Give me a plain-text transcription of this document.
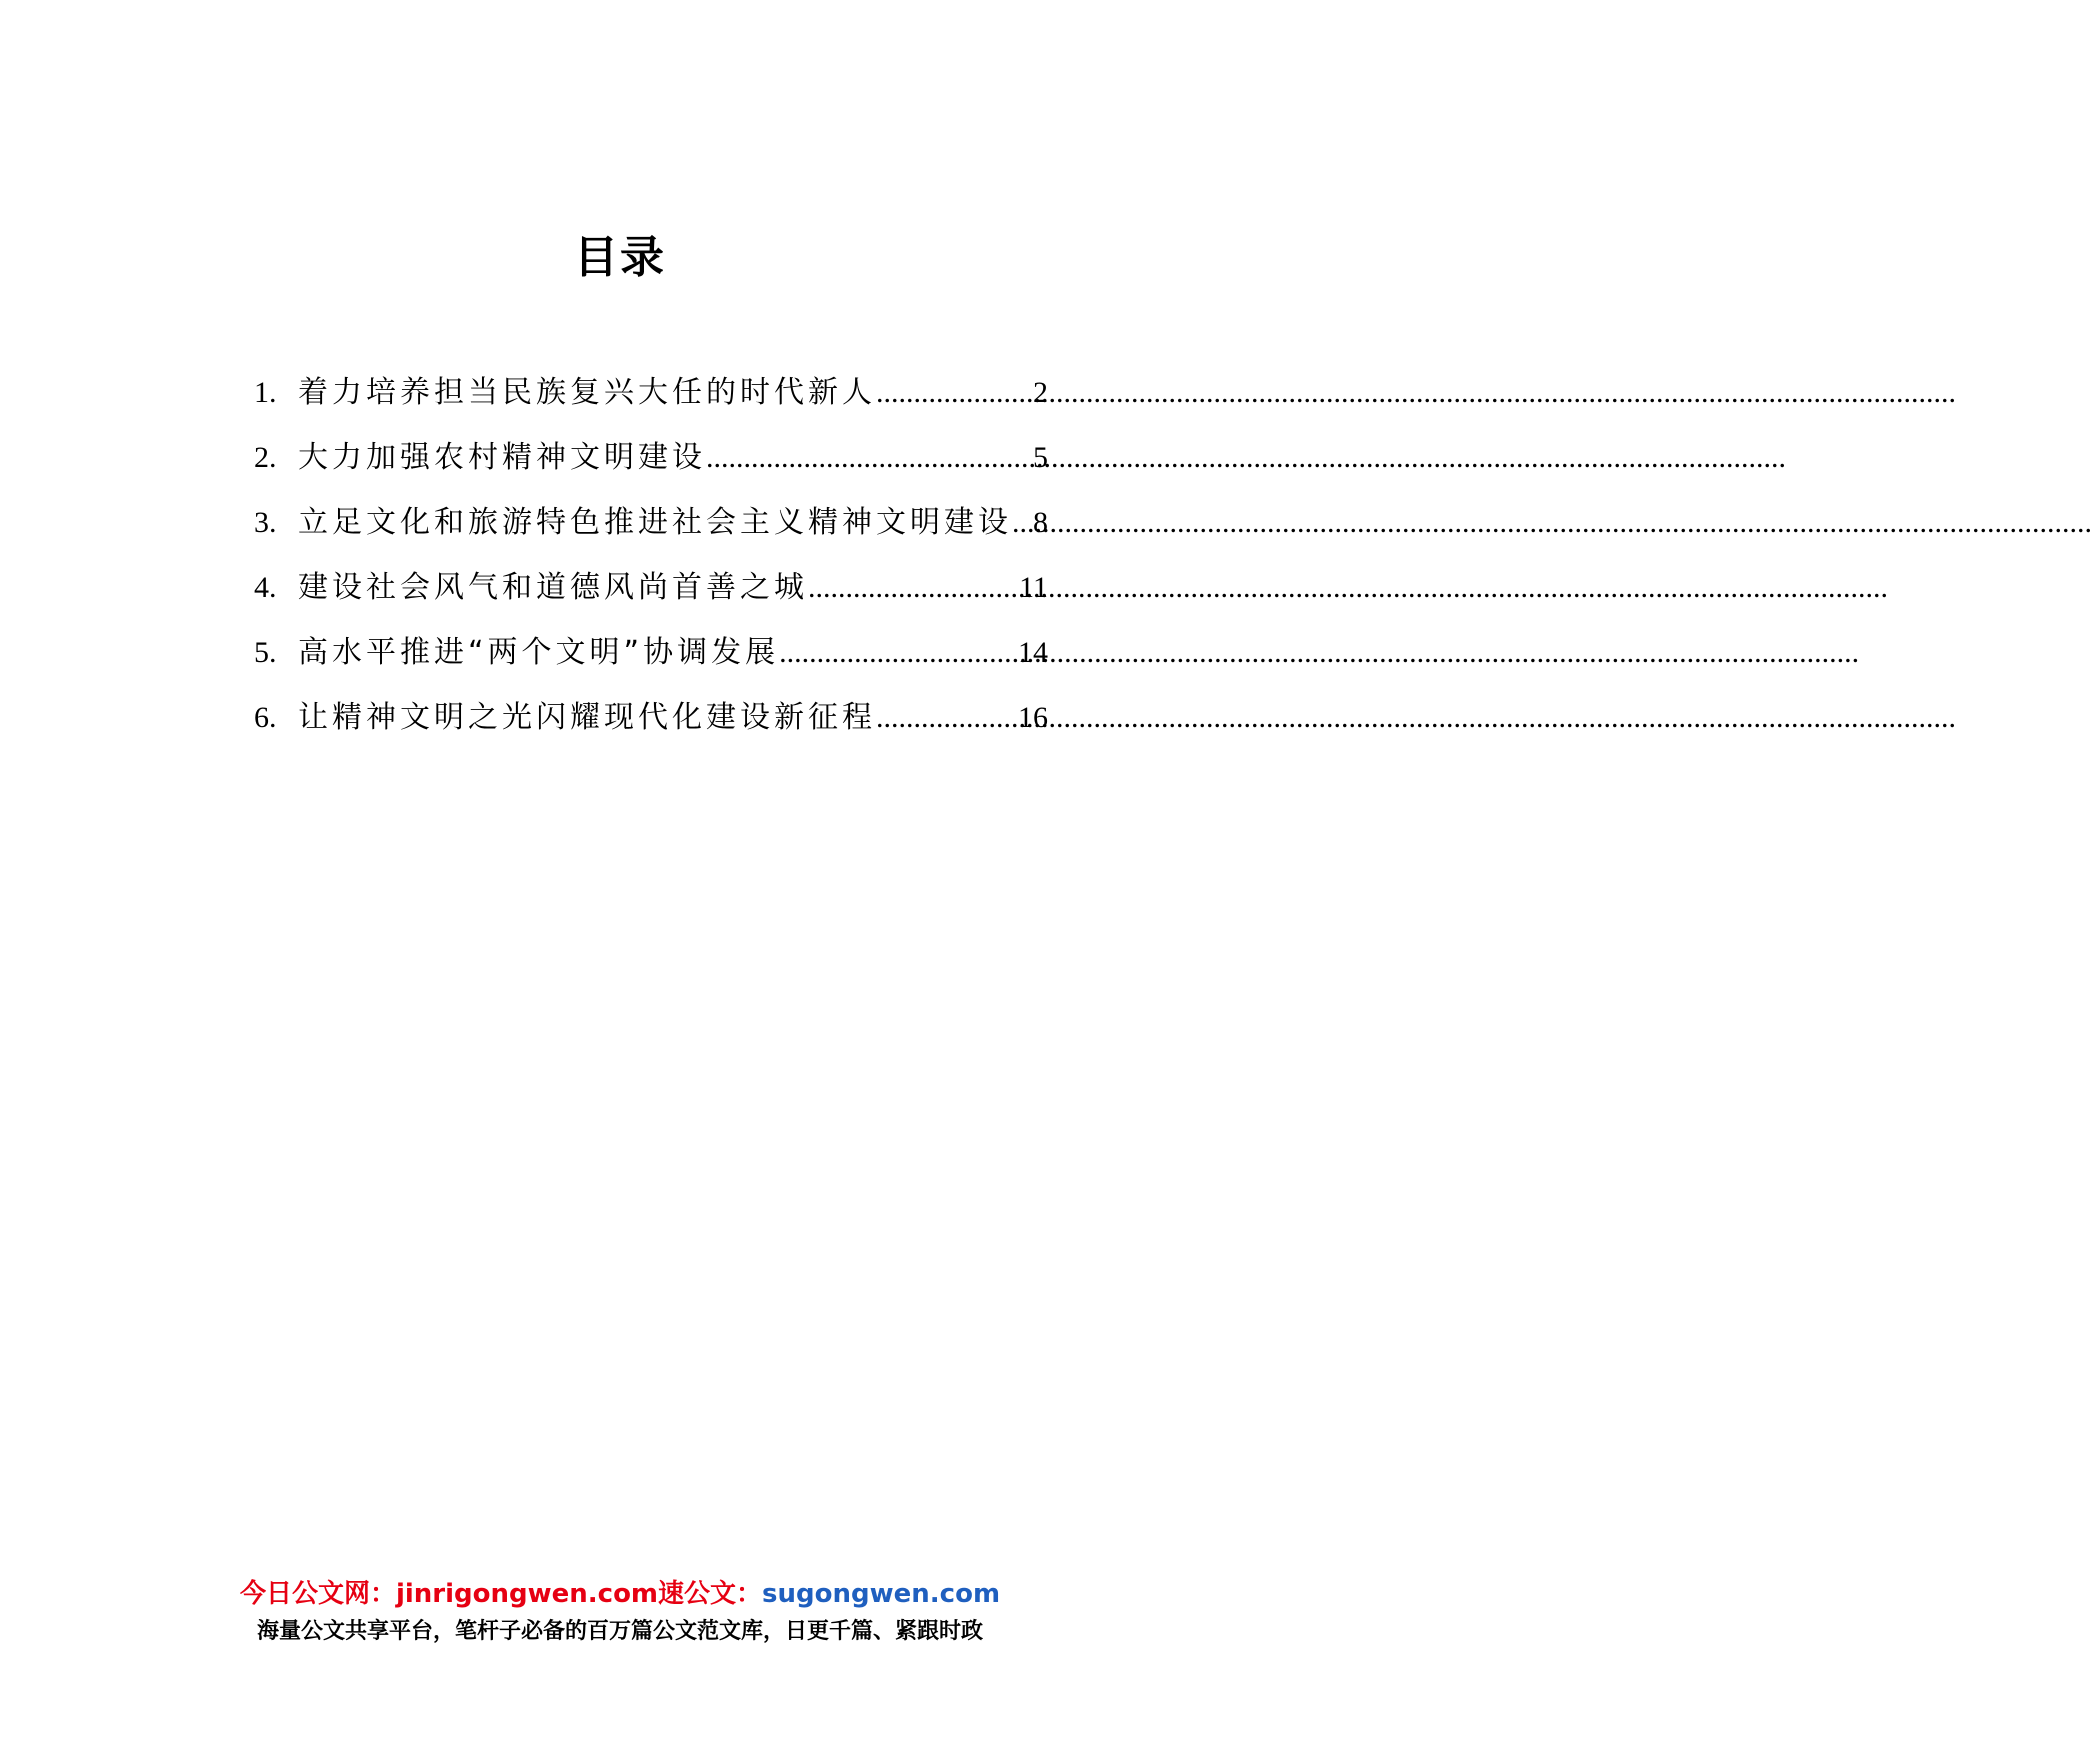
目录
1. 着力培养担当民族复兴大任的时代新人 .....	2
2. 大力加强农村精神文明建设 .....	5
3. 立足文化和旅游特色推进社会主义精神文明建设 ..... 8
4. 建设社会风气和道德风尚首善之城 .....	11
5. 高水平推进“两个文明”协调发展 .....	14
6. 让精神文明之光闪耀现代化建设新征程 .....	16
今日公文网：jinrigongwen.com速公文：sugongwen.com
海量公文共享平台，笔杆子必备的百万篇公文范文库，日更千篇、紧跟时政
